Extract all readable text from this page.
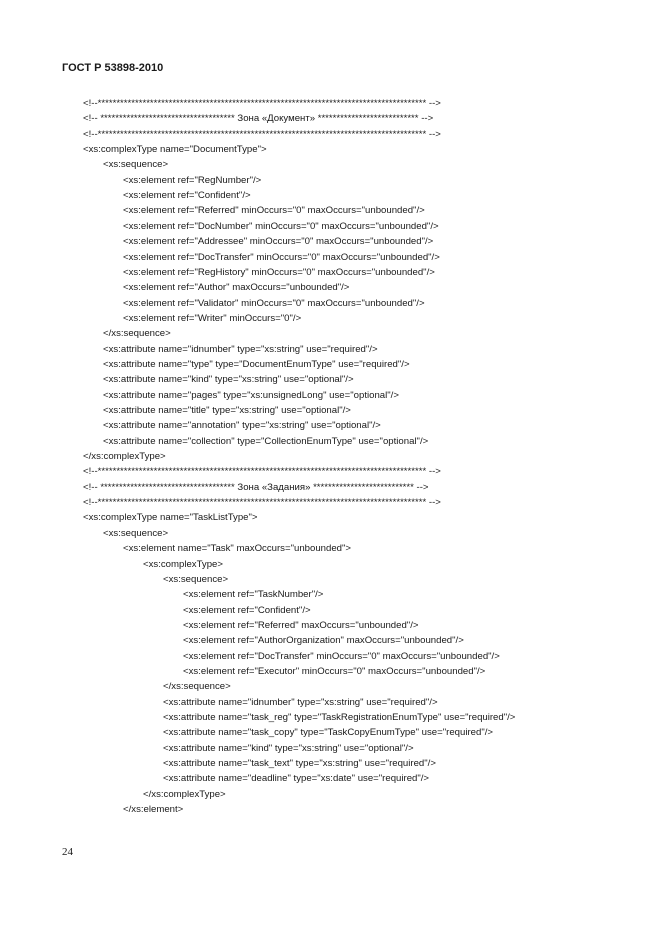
ГОСТ Р 53898-2010
<!--**************************************************************************************** -->
<!-- ************************************ Зона «Документ» *************************** -->
<!--**************************************************************************************** -->
<xs:complexType name="DocumentType">
<xs:sequence>
<xs:element ref="RegNumber"/>
<xs:element ref="Confident"/>
<xs:element ref="Referred" minOccurs="0" maxOccurs="unbounded"/>
<xs:element ref="DocNumber" minOccurs="0" maxOccurs="unbounded"/>
<xs:element ref="Addressee" minOccurs="0" maxOccurs="unbounded"/>
<xs:element ref="DocTransfer" minOccurs="0" maxOccurs="unbounded"/>
<xs:element ref="RegHistory" minOccurs="0" maxOccurs="unbounded"/>
<xs:element ref="Author" maxOccurs="unbounded"/>
<xs:element ref="Validator" minOccurs="0" maxOccurs="unbounded"/>
<xs:element ref="Writer" minOccurs="0"/>
</xs:sequence>
<xs:attribute name="idnumber" type="xs:string" use="required"/>
<xs:attribute name="type" type="DocumentEnumType" use="required"/>
<xs:attribute name="kind" type="xs:string" use="optional"/>
<xs:attribute name="pages" type="xs:unsignedLong" use="optional"/>
<xs:attribute name="title" type="xs:string" use="optional"/>
<xs:attribute name="annotation" type="xs:string" use="optional"/>
<xs:attribute name="collection" type="CollectionEnumType" use="optional"/>
</xs:complexType>
<!--**************************************************************************************** -->
<!-- ************************************ Зона «Задания» *************************** -->
<!--**************************************************************************************** -->
<xs:complexType name="TaskListType">
<xs:sequence>
<xs:element name="Task" maxOccurs="unbounded">
<xs:complexType>
<xs:sequence>
<xs:element ref="TaskNumber"/>
<xs:element ref="Confident"/>
<xs:element ref="Referred" maxOccurs="unbounded"/>
<xs:element ref="AuthorOrganization" maxOccurs="unbounded"/>
<xs:element ref="DocTransfer" minOccurs="0" maxOccurs="unbounded"/>
<xs:element ref="Executor" minOccurs="0" maxOccurs="unbounded"/>
</xs:sequence>
<xs:attribute name="idnumber" type="xs:string" use="required"/>
<xs:attribute name="task_reg" type="TaskRegistrationEnumType" use="required"/>
<xs:attribute name="task_copy" type="TaskCopyEnumType" use="required"/>
<xs:attribute name="kind" type="xs:string" use="optional"/>
<xs:attribute name="task_text" type="xs:string" use="required"/>
<xs:attribute name="deadline" type="xs:date" use="required"/>
</xs:complexType>
</xs:element>
24
